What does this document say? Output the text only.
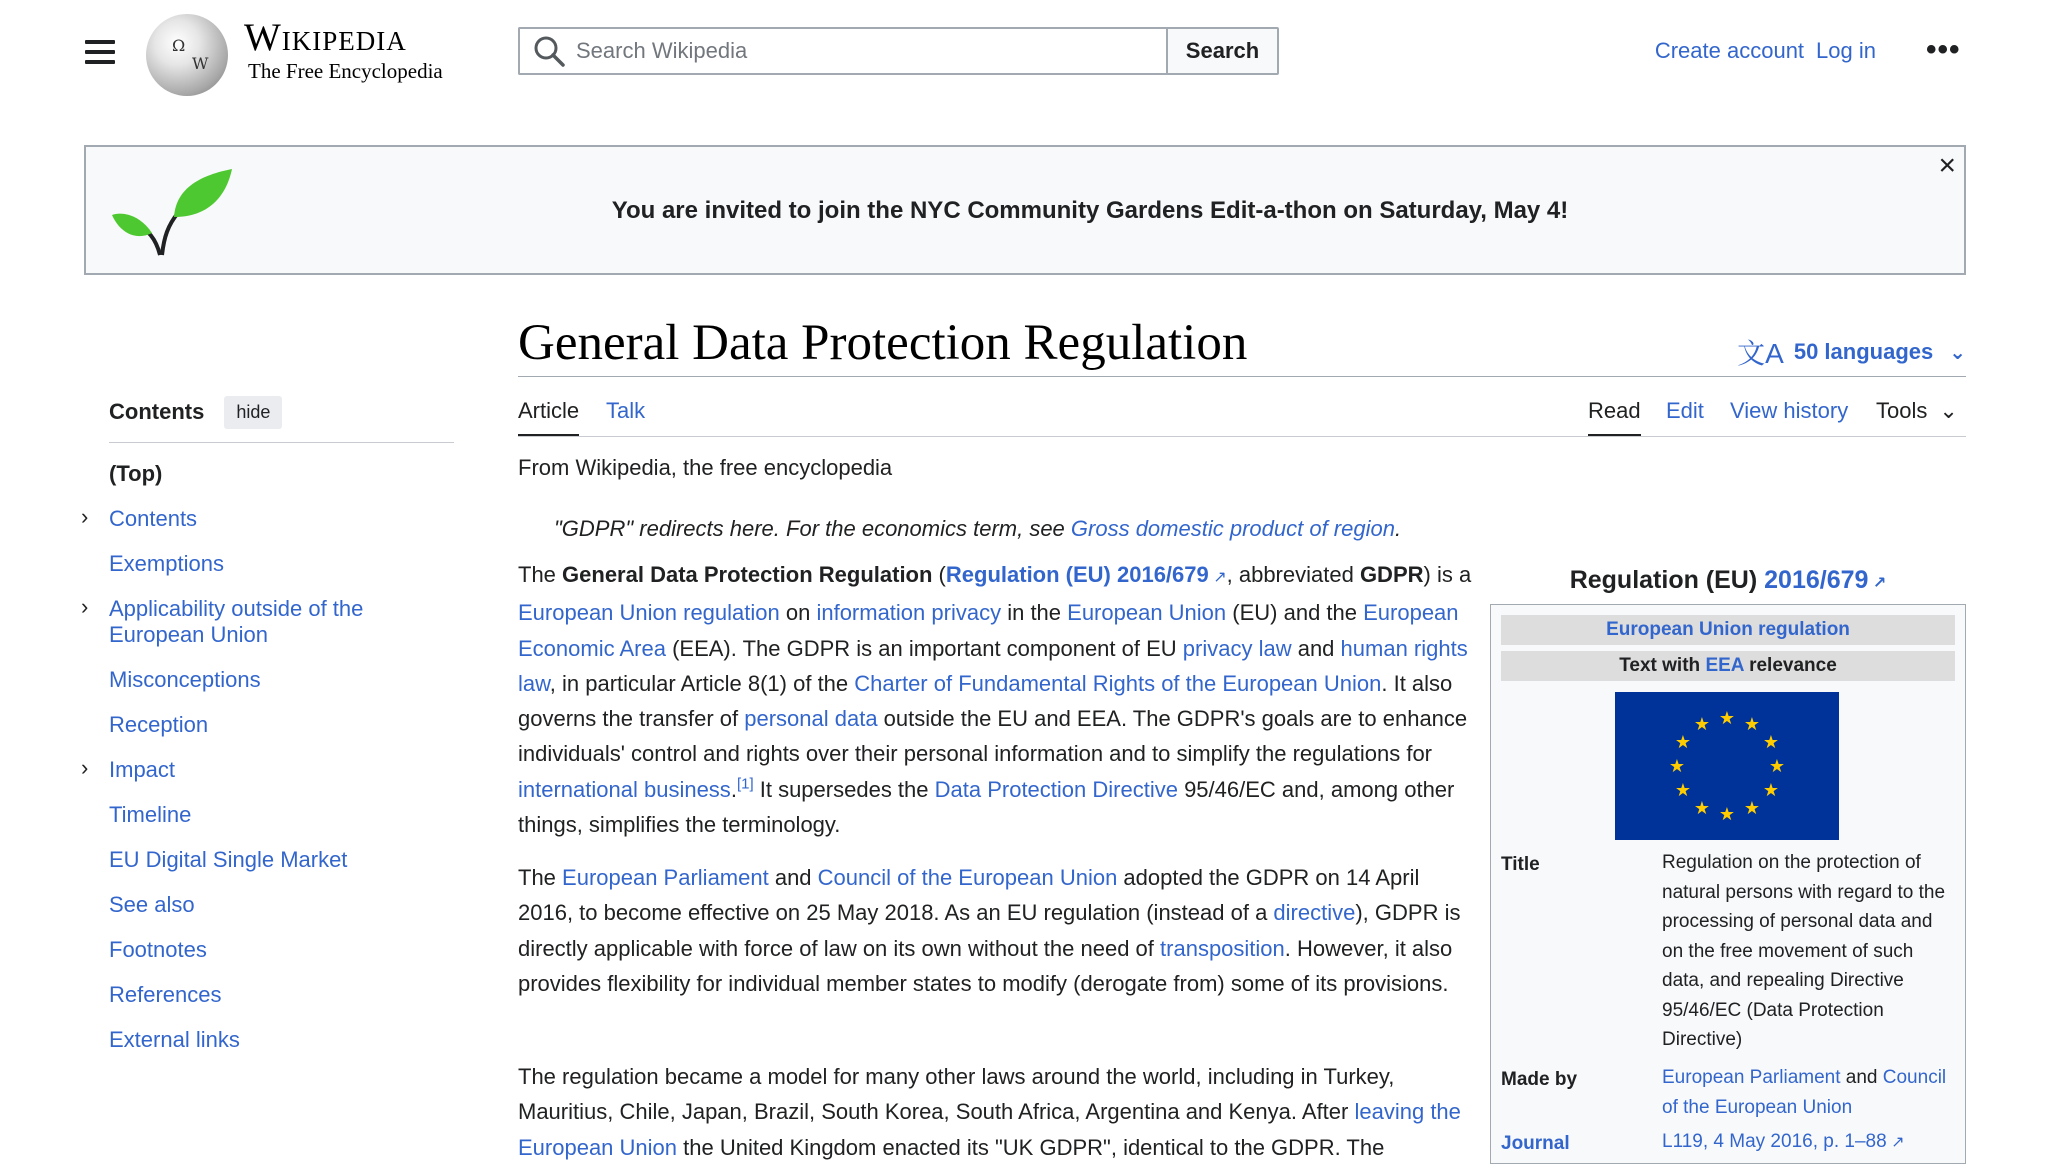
Ω
W
Wikipedia
The Free Encyclopedia
Search Wikipedia
Search	Create account Log in •••
You are invited to join the NYC Community Gardens Edit-a-thon on Saturday, May 4!
×
Contents	hide
(Top)
› Contents
Exemptions
› Applicability outside of the European Union
Misconceptions
Reception
› Impact
Timeline
EU Digital Single Market
See also
Footnotes
References
External links
General Data Protection Regulation	文A 50 languages ⌄
Article Talk	Read Edit View history Tools ⌄
From Wikipedia, the free encyclopedia
"GDPR" redirects here. For the economics term, see Gross domestic product of region.

The General Data Protection Regulation (Regulation (EU) 2016/679 ↗, abbreviated GDPR) is a European Union regulation on information privacy in the European Union (EU) and the European Economic Area (EEA). The GDPR is an important component of EU privacy law and human rights law, in particular Article 8(1) of the Charter of Fundamental Rights of the European Union. It also governs the transfer of personal data outside the EU and EEA. The GDPR's goals are to enhance individuals' control and rights over their personal information and to simplify the regulations for international business.[1] It supersedes the Data Protection Directive 95/46/EC and, among other things, simplifies the terminology.

The European Parliament and Council of the European Union adopted the GDPR on 14 April 2016, to become effective on 25 May 2018. As an EU regulation (instead of a directive), GDPR is directly applicable with force of law on its own without the need of transposition. However, it also provides flexibility for individual member states to modify (derogate from) some of its provisions.

The regulation became a model for many other laws around the world, including in Turkey, Mauritius, Chile, Japan, Brazil, South Korea, South Africa, Argentina and Kenya. After leaving the European Union the United Kingdom enacted its "UK GDPR", identical to the GDPR. The

Regulation (EU) 2016/679 ↗
European Union regulation
Text with EEA relevance
★ ★
★
★
★
★
★
★
★
★
★
★
Title	Regulation on the protection of natural persons with regard to the processing of personal data and on the free movement of such data, and repealing Directive 95/46/EC (Data Protection Directive)
Made by	European Parliament and Council of the European Union
Journal	L119, 4 May 2016, p. 1–88 ↗
